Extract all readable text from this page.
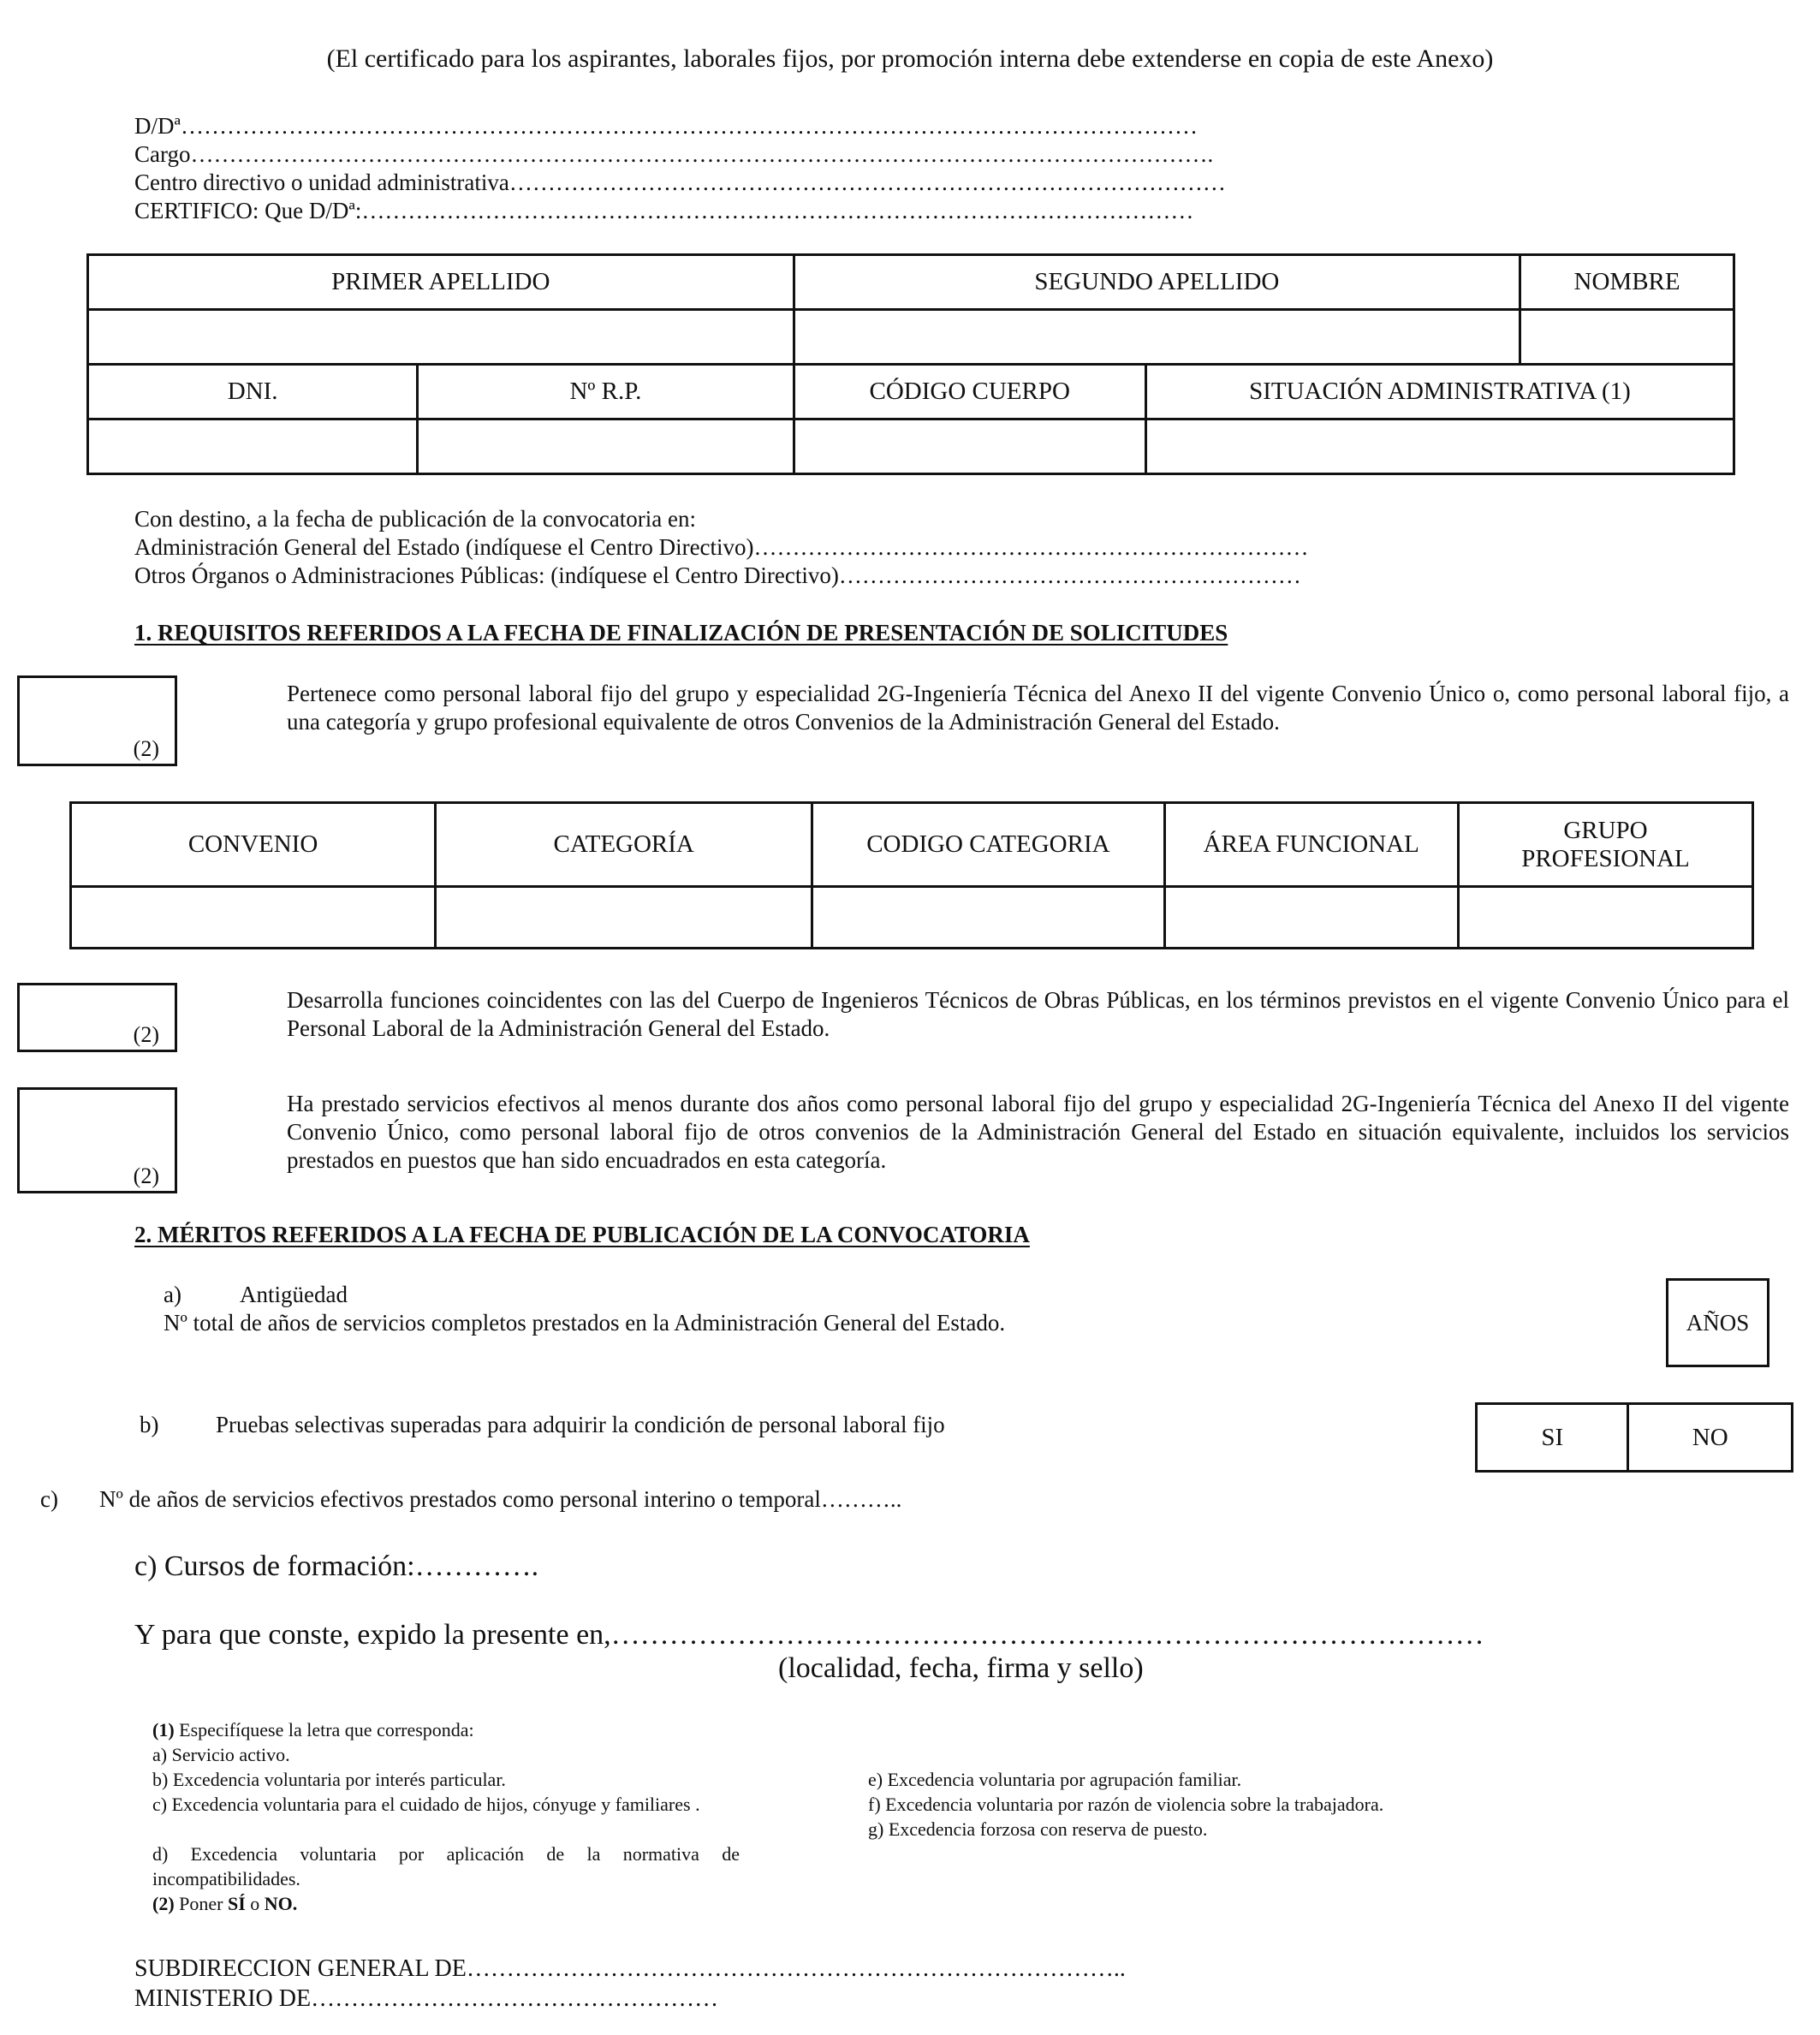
(El certificado para los aspirantes, laborales fijos, por promoción interna debe extenderse en copia de este Anexo)
D/Dª……………………………………………………………………………………………………………………
Cargo…………………………………………………………………………………………………………………….
Centro directivo o unidad administrativa…………………………………………………………………………………
CERTIFICO: Que D/Dª:………………………………………………………………………………………………
PRIMER APELLIDO		SEGUNDO APELLIDO		NOMBRE

DNI.	Nº R.P.	CÓDIGO CUERPO	SITUACIÓN ADMINISTRATIVA (1)	

Con destino, a la fecha de publicación de la convocatoria en:
Administración General del Estado (indíquese el Centro Directivo)………………………………………………………………
Otros Órganos o Administraciones Públicas: (indíquese el Centro Directivo)……………………………………………………
1. REQUISITOS REFERIDOS A LA FECHA DE FINALIZACIÓN DE PRESENTACIÓN DE SOLICITUDES
(2)
Pertenece como personal laboral fijo del grupo y especialidad 2G-Ingeniería Técnica del Anexo II del vigente Convenio Único o, como personal laboral fijo, a una categoría y grupo profesional equivalente de otros Convenios de la Administración General del Estado.
CONVENIO	CATEGORÍA	CODIGO CATEGORIA	ÁREA FUNCIONAL	GRUPO PROFESIONAL

(2)
Desarrolla funciones coincidentes con las del Cuerpo de Ingenieros Técnicos de Obras Públicas, en los términos previstos en el vigente Convenio Único para el Personal Laboral de la Administración General del Estado.
(2)
Ha prestado servicios efectivos al menos durante dos años como personal laboral fijo del grupo y especialidad 2G-Ingeniería Técnica del Anexo II del vigente Convenio Único, como personal laboral fijo de otros convenios de la Administración General del Estado en situación equivalente, incluidos los servicios prestados en puestos que han sido encuadrados en esta categoría.
2. MÉRITOS REFERIDOS A LA FECHA DE PUBLICACIÓN DE LA CONVOCATORIA
a)	Antigüedad
Nº total de años de servicios completos prestados en la Administración General del Estado.	AÑOS
b) Pruebas selectivas superadas para adquirir la condición de personal laboral fijo	SI	NO
c) Nº de años de servicios efectivos prestados como personal interino o temporal………..
c) Cursos de formación:………….
Y para que conste, expido la presente en,………………………………………………………………………………
(localidad, fecha, firma y sello)
(1) Especifíquese la letra que corresponda:
a) Servicio activo.
b) Excedencia voluntaria por interés particular.
c) Excedencia voluntaria para el cuidado de hijos, cónyuge y familiares .
d) Excedencia voluntaria por aplicación de la normativa de incompatibilidades.
(2) Poner SÍ o NO.
e) Excedencia voluntaria por agrupación familiar.
f) Excedencia voluntaria por razón de violencia sobre la trabajadora.
g) Excedencia forzosa con reserva de puesto.
SUBDIRECCION GENERAL DE………………………………………………………………………..
MINISTERIO DE……………………………………………
